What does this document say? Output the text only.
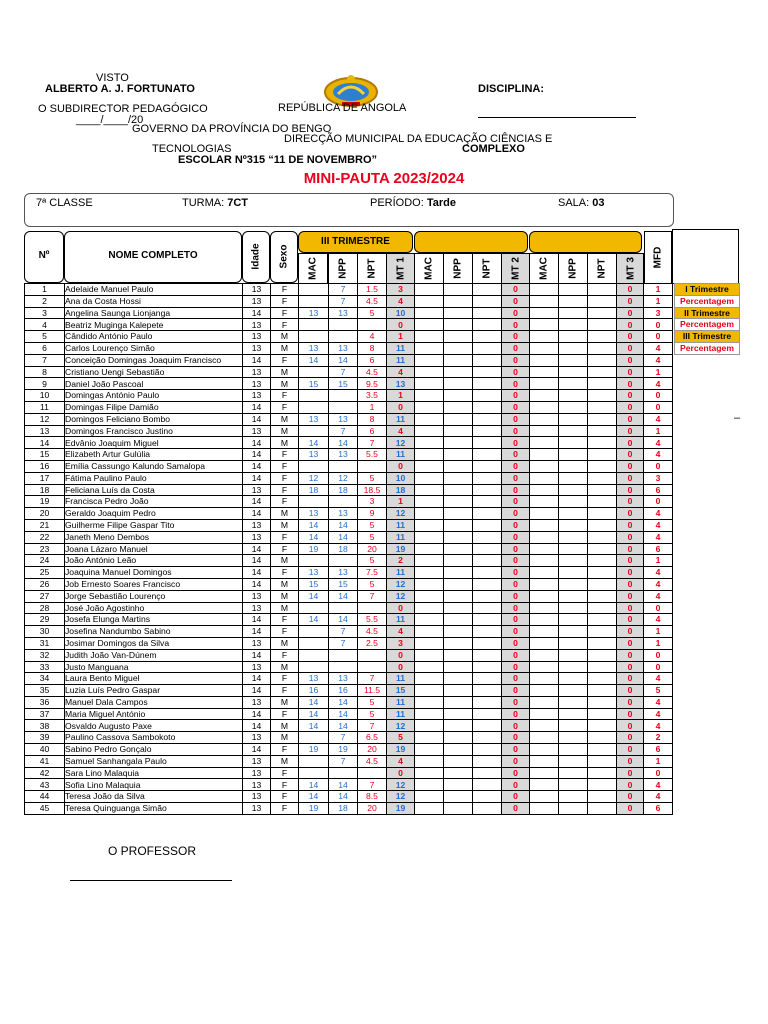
VISTO
ALBERTO A. J. FORTUNATO
O SUBDIRECTOR PEDAGÓGICO
____/____/20
REPÚBLICA DE ANGOLA
GOVERNO DA PROVÍNCIA DO BENGO
DIRECÇÃO MUNICIPAL DA EDUCAÇÃO CIÊNCIAS E
TECNOLOGIAS	COMPLEXO
ESCOLAR Nº315 “11 DE NOVEMBRO”
DISCIPLINA:
MINI-PAUTA 2023/2024
7ª CLASSE	TURMA: 7CT	PERÍODO: Tarde	SALA: 03
Nº	NOME COMPLETO	Idade Sexo
III TRIMESTRE
MAC NPP NPT MT 1 MAC NPP NPT MT 2 MAC NPP NPT MT 3 MFD
1	Adelaide Manuel Paulo	13	F		7	1.5	3				0				0	1
2	Ana da Costa Hossi	13	F		7	4.5	4				0				0	1
3	Angelina Saunga Lionjanga	14	F	13	13	5	10				0				0	3
4	Beatriz Muginga Kalepete	13	F				0				0				0	0
5	Cândido António Paulo	13	M			4	1				0				0	0
6	Carlos Lourenço Simão	13	M	13	13	8	11				0				0	4
7	Conceição Domingas Joaquim Francisco	14	F	14	14	6	11				0				0	4
8	Cristiano Uengi Sebastião	13	M		7	4.5	4				0				0	1
9	Daniel João Pascoal	13	M	15	15	9.5	13				0				0	4
10	Domingas António Paulo	13	F			3.5	1				0				0	0
11	Domingas Filipe Damião	14	F			1	0				0				0	0
12	Domingos Feliciano Bombo	14	M	13	13	8	11				0				0	4
13	Domingos Francisco Justino	13	M		7	6	4				0				0	1
14	Edvânio Joaquim Miguel	14	M	14	14	7	12				0				0	4
15	Elizabeth Artur Gulúlia	14	F	13	13	5.5	11				0				0	4
16	Emília Cassungo Kalundo Samalopa	14	F				0				0				0	0
17	Fátima Paulino Paulo	14	F	12	12	5	10				0				0	3
18	Feliciana Luís da Costa	13	F	18	18	18.5	18				0				0	6
19	Francisca Pedro João	14	F			3	1				0				0	0
20	Geraldo Joaquim Pedro	14	M	13	13	9	12				0				0	4
21	Guilherme Filipe Gaspar Tito	13	M	14	14	5	11				0				0	4
22	Janeth Meno Dembos	13	F	14	14	5	11				0				0	4
23	Joana Lázaro Manuel	14	F	19	18	20	19				0				0	6
24	João António Leão	14	M			5	2				0				0	1
25	Joaquina Manuel Domingos	14	F	13	13	7.5	11				0				0	4
26	Job Ernesto Soares Francisco	14	M	15	15	5	12				0				0	4
27	Jorge Sebastião Lourenço	13	M	14	14	7	12				0				0	4
28	José João Agostinho	13	M				0				0				0	0
29	Josefa Elunga Martins	14	F	14	14	5.5	11				0				0	4
30	Josefina Nandumbo Sabino	14	F		7	4.5	4				0				0	1
31	Josimar Domingos da Silva	13	M		7	2.5	3				0				0	1
32	Judith João Van-Dúnem	14	F				0				0				0	0
33	Justo Manguana	13	M				0				0				0	0
34	Laura Bento Miguel	14	F	13	13	7	11				0				0	4
35	Luzia Luís Pedro Gaspar	14	F	16	16	11.5	15				0				0	5
36	Manuel Dala Campos	13	M	14	14	5	11				0				0	4
37	Maria Miguel António	14	F	14	14	5	11				0				0	4
38	Osvaldo Augusto Paxe	14	M	14	14	7	12				0				0	4
39	Paulino Cassova Sambokoto	13	M		7	6.5	5				0				0	2
40	Sabino Pedro Gonçalo	14	F	19	19	20	19				0				0	6
41	Samuel Sanhangala Paulo	13	M		7	4.5	4				0				0	1
42	Sara Lino Malaquia	13	F				0				0				0	0
43	Sofia Lino Malaquia	13	F	14	14	7	12				0				0	4
44	Teresa João da Silva	13	F	14	14	8.5	12				0				0	4
45	Teresa Quinguanga Simão	13	F	19	18	20	19				0				0	6
I Trimestre
Percentagem
II Trimestre
Percentagem
III Trimestre
Percentagem
–
O PROFESSOR
